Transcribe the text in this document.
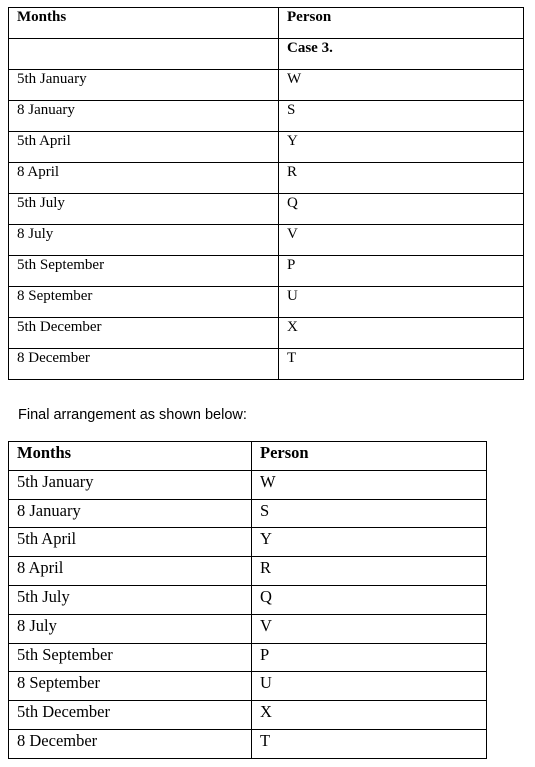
Months	Person
	Case 3.
5th January	W
8 January	S
5th April	Y
8 April	R
5th July	Q
8 July	V
5th September	P
8 September	U
5th December	X
8 December	T
Final arrangement as shown below:
Months	Person
5th January	W
8 January	S
5th April	Y
8 April	R
5th July	Q
8 July	V
5th September	P
8 September	U
5th December	X
8 December	T
